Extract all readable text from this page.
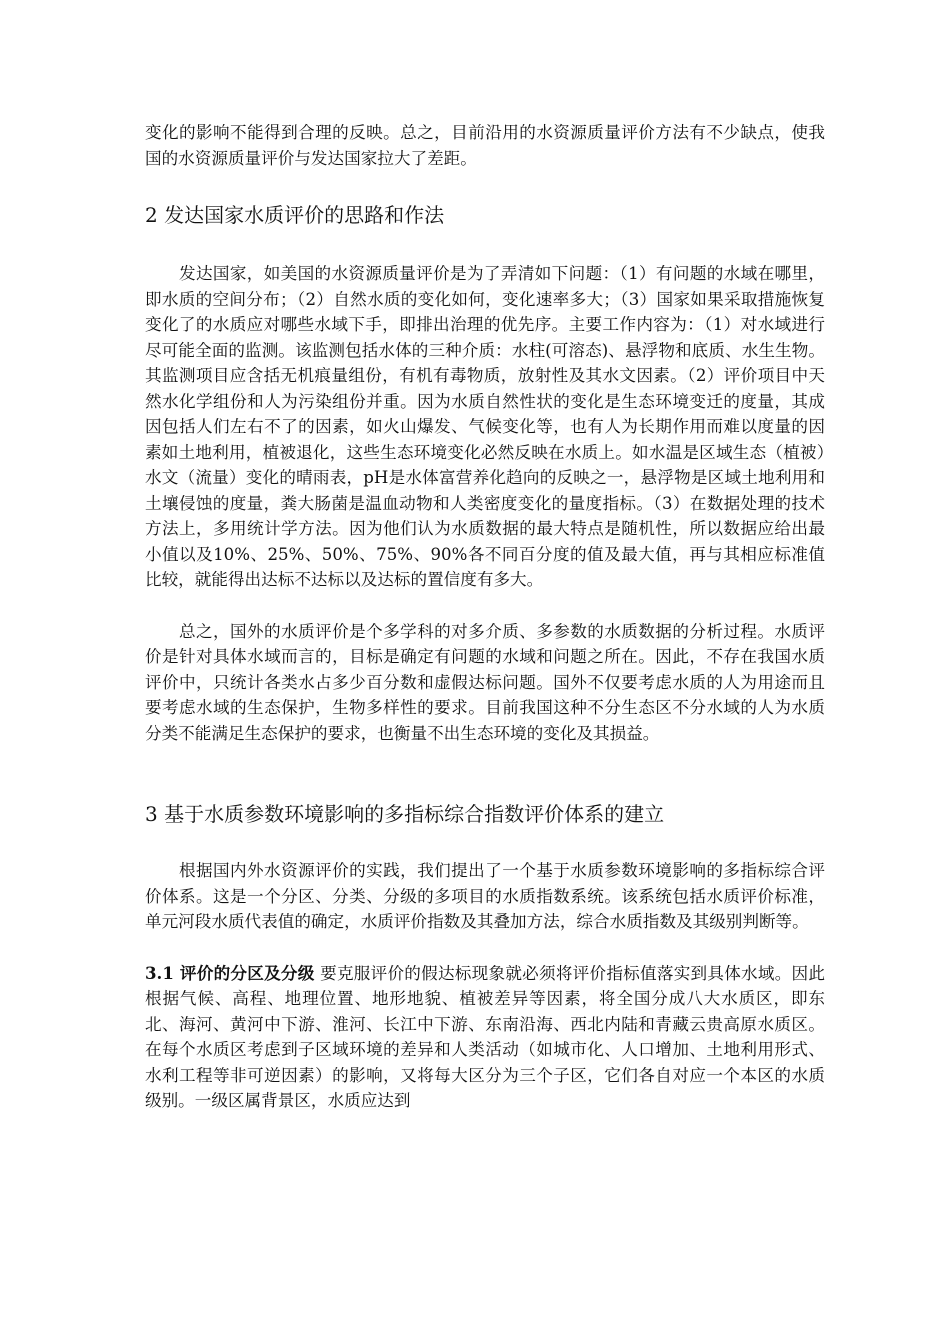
变化的影响不能得到合理的反映。总之，目前沿用的水资源质量评价方法有不少缺点，使我国的水资源质量评价与发达国家拉大了差距。

2 发达国家水质评价的思路和作法

发达国家，如美国的水资源质量评价是为了弄清如下问题：（1）有问题的水域在哪里，即水质的空间分布；（2）自然水质的变化如何，变化速率多大；（3）国家如果采取措施恢复变化了的水质应对哪些水域下手，即排出治理的优先序。主要工作内容为：（1）对水域进行尽可能全面的监测。该监测包括水体的三种介质：水柱(可溶态)、悬浮物和底质、水生生物。其监测项目应含括无机痕量组份，有机有毒物质，放射性及其水文因素。（2）评价项目中天然水化学组份和人为污染组份并重。因为水质自然性状的变化是生态环境变迁的度量，其成因包括人们左右不了的因素，如火山爆发、气候变化等，也有人为长期作用而难以度量的因素如土地利用，植被退化，这些生态环境变化必然反映在水质上。如水温是区域生态（植被）水文（流量）变化的晴雨表，pH是水体富营养化趋向的反映之一，悬浮物是区域土地利用和土壤侵蚀的度量，粪大肠菌是温血动物和人类密度变化的量度指标。（3）在数据处理的技术方法上，多用统计学方法。因为他们认为水质数据的最大特点是随机性，所以数据应给出最小值以及10%、25%、50%、75%、90%各不同百分度的值及最大值，再与其相应标准值比较，就能得出达标不达标以及达标的置信度有多大。

总之，国外的水质评价是个多学科的对多介质、多参数的水质数据的分析过程。水质评价是针对具体水域而言的，目标是确定有问题的水域和问题之所在。因此，不存在我国水质评价中，只统计各类水占多少百分数和虚假达标问题。国外不仅要考虑水质的人为用途而且要考虑水域的生态保护，生物多样性的要求。目前我国这种不分生态区不分水域的人为水质分类不能满足生态保护的要求，也衡量不出生态环境的变化及其损益。

3 基于水质参数环境影响的多指标综合指数评价体系的建立

根据国内外水资源评价的实践，我们提出了一个基于水质参数环境影响的多指标综合评价体系。这是一个分区、分类、分级的多项目的水质指数系统。该系统包括水质评价标准，单元河段水质代表值的确定，水质评价指数及其叠加方法，综合水质指数及其级别判断等。

3.1 评价的分区及分级 要克服评价的假达标现象就必须将评价指标值落实到具体水域。因此根据气候、高程、地理位置、地形地貌、植被差异等因素，将全国分成八大水质区，即东北、海河、黄河中下游、淮河、长江中下游、东南沿海、西北内陆和青藏云贵高原水质区。在每个水质区考虑到子区域环境的差异和人类活动（如城市化、人口增加、土地利用形式、水利工程等非可逆因素）的影响，又将每大区分为三个子区，它们各自对应一个本区的水质级别。一级区属背景区，水质应达到
